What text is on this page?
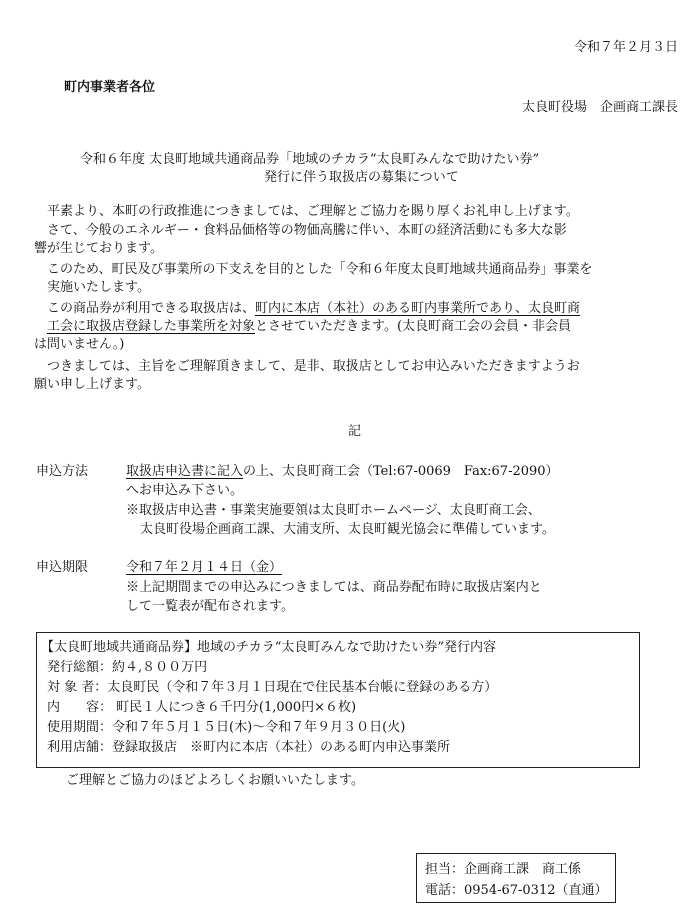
令和７年２月３日
町内事業者各位
太良町役場　企画商工課長
令和６年度 太良町地域共通商品券「地域のチカラ“太良町みんなで助けたい券”
発行に伴う取扱店の募集について
平素より、本町の行政推進につきましては、ご理解とご協力を賜り厚くお礼申し上げます。
さて、今般のエネルギー・食料品価格等の物価高騰に伴い、本町の経済活動にも多大な影
響が生じております。
このため、町民及び事業所の下支えを目的とした「令和６年度太良町地域共通商品券」事業を
実施いたします。
この商品券が利用できる取扱店は、町内に本店（本社）のある町内事業所であり、太良町商
工会に取扱店登録した事業所を対象とさせていただきます。(太良町商工会の会員・非会員
は問いません。)
つきましては、主旨をご理解頂きまして、是非、取扱店としてお申込みいただきますようお
願い申し上げます。
記
申込方法	取扱店申込書に記入の上、太良町商工会（Tel:67-0069　Fax:67-2090）
へお申込み下さい。
※取扱店申込書・事業実施要領は太良町ホームページ、太良町商工会、
太良町役場企画商工課、大浦支所、太良町観光協会に準備しています。
申込期限	令和７年２月１４日（金）
※上記期間までの申込みにつきましては、商品券配布時に取扱店案内と
して一覧表が配布されます。
【太良町地域共通商品券】地域のチカラ“太良町みんなで助けたい券”発行内容
発行総額：約４,８００万円
対 象 者：太良町民（令和７年３月１日現在で住民基本台帳に登録のある方）
内　　容： 町民１人につき６千円分(1,000円×６枚)
使用期間：令和７年５月１５日(木)～令和７年９月３０日(火)
利用店舗：登録取扱店　※町内に本店（本社）のある町内申込事業所
ご理解とご協力のほどよろしくお願いいたします。
担当：企画商工課　商工係
電話：0954-67-0312（直通）
